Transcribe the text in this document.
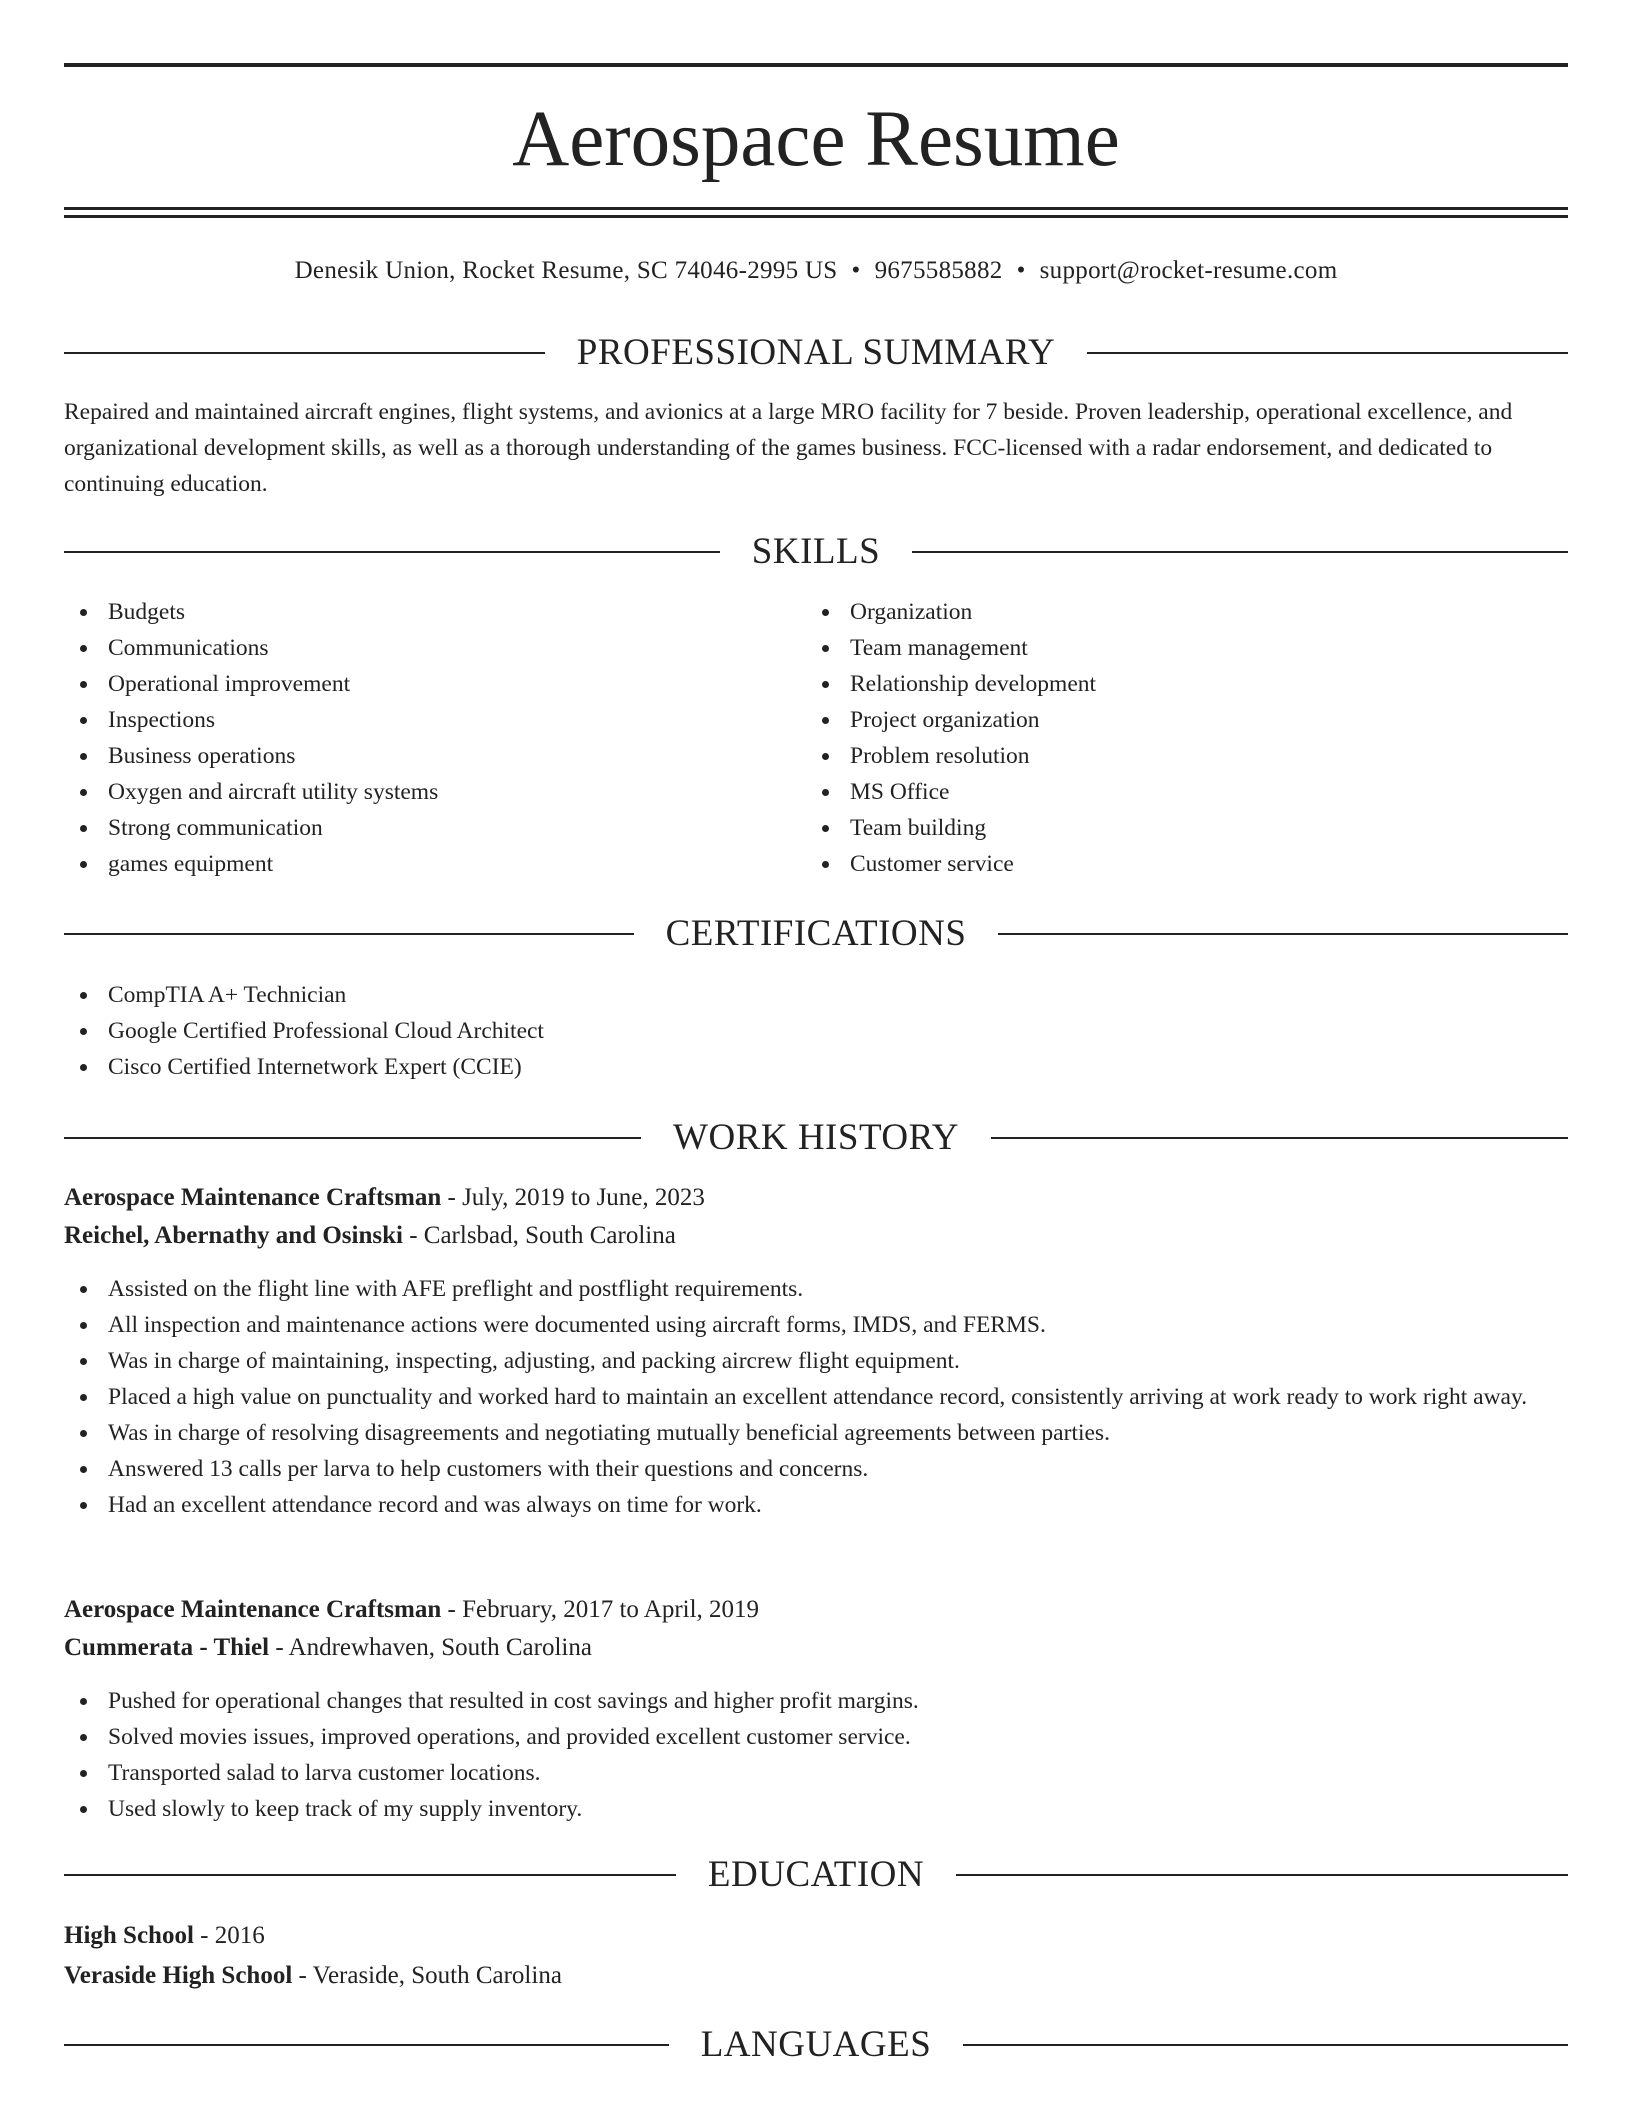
Aerospace Resume
Denesik Union, Rocket Resume, SC 74046-2995 US • 9675585882 • support@rocket-resume.com
PROFESSIONAL SUMMARY
Repaired and maintained aircraft engines, flight systems, and avionics at a large MRO facility for 7 beside. Proven leadership, operational excellence, and organizational development skills, as well as a thorough understanding of the games business. FCC-licensed with a radar endorsement, and dedicated to continuing education.
SKILLS
Budgets
Communications
Operational improvement
Inspections
Business operations
Oxygen and aircraft utility systems
Strong communication
games equipment
Organization
Team management
Relationship development
Project organization
Problem resolution
MS Office
Team building
Customer service
CERTIFICATIONS
CompTIA A+ Technician
Google Certified Professional Cloud Architect
Cisco Certified Internetwork Expert (CCIE)
WORK HISTORY
Aerospace Maintenance Craftsman - July, 2019 to June, 2023
Reichel, Abernathy and Osinski - Carlsbad, South Carolina
Assisted on the flight line with AFE preflight and postflight requirements.
All inspection and maintenance actions were documented using aircraft forms, IMDS, and FERMS.
Was in charge of maintaining, inspecting, adjusting, and packing aircrew flight equipment.
Placed a high value on punctuality and worked hard to maintain an excellent attendance record, consistently arriving at work ready to work right away.
Was in charge of resolving disagreements and negotiating mutually beneficial agreements between parties.
Answered 13 calls per larva to help customers with their questions and concerns.
Had an excellent attendance record and was always on time for work.
Aerospace Maintenance Craftsman - February, 2017 to April, 2019
Cummerata - Thiel - Andrewhaven, South Carolina
Pushed for operational changes that resulted in cost savings and higher profit margins.
Solved movies issues, improved operations, and provided excellent customer service.
Transported salad to larva customer locations.
Used slowly to keep track of my supply inventory.
EDUCATION
High School - 2016
Veraside High School - Veraside, South Carolina
LANGUAGES
